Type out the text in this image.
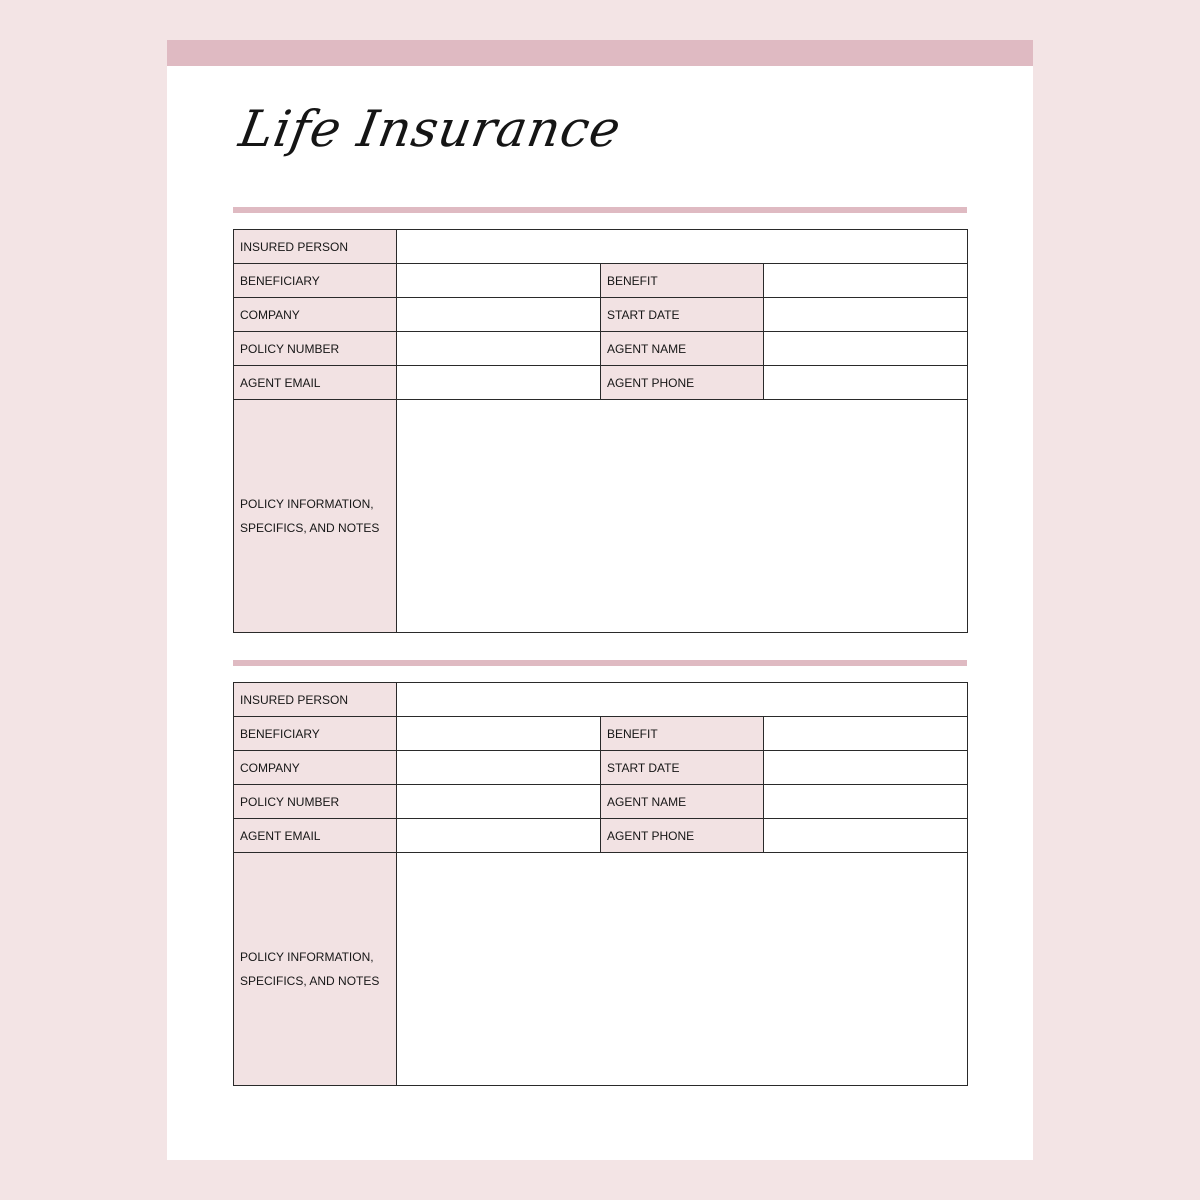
Life Insurance
INSURED PERSON			
BENEFICIARY		BENEFIT	
COMPANY		START DATE	
POLICY NUMBER		AGENT NAME	
AGENT EMAIL		AGENT PHONE	

POLICY INFORMATION,
SPECIFICS, AND NOTES			

INSURED PERSON			
BENEFICIARY		BENEFIT	
COMPANY		START DATE	
POLICY NUMBER		AGENT NAME	
AGENT EMAIL		AGENT PHONE	

POLICY INFORMATION,
SPECIFICS, AND NOTES			
